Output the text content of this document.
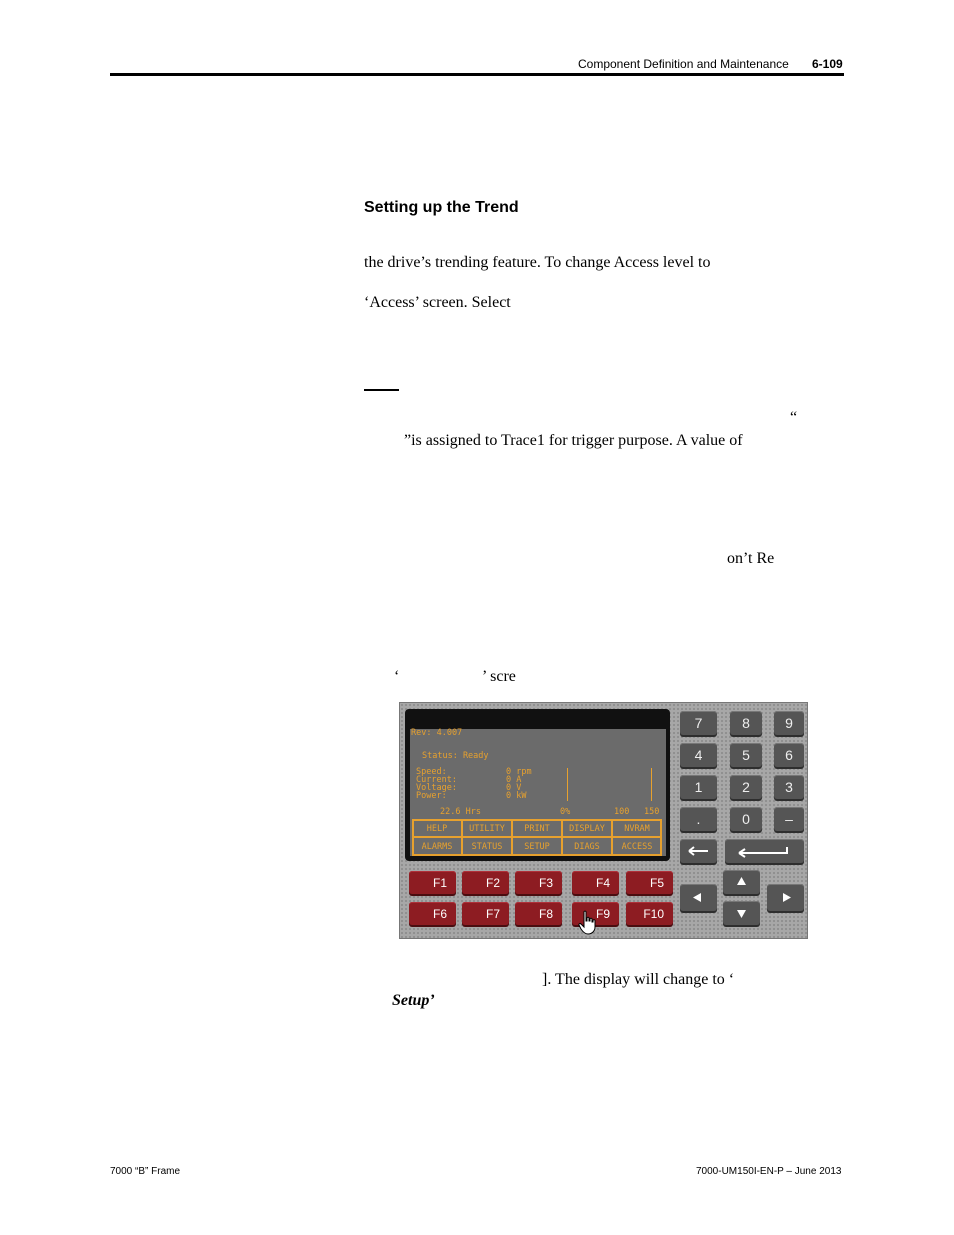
Component Definition and Maintenance 6-109
Setting up the Trend
the drive’s trending feature. To change Access level to
‘Access’ screen. Select
“
”is assigned to Trace1 for trigger purpose. A value of
on’t Re
‘	’ scre
Rev: 4.007
Status: Ready
Speed:	0 rpm
Current:	0 A
Voltage:	0 V
Power:	0 kW
22.6 Hrs	0%	100 150
HELP	UTILITY	PRINT	DISPLAY	NVRAM
ALARMS	STATUS	SETUP	DIAGS	ACCESS
F1	F2	F3	F4	F5
F6	F7	F8	F9	F10
7	8	9
4	5	6
1	2	3
.	0	–
]. The display will change to ‘
Setup’
7000 “B” Frame	7000-UM150I-EN-P – June 2013
